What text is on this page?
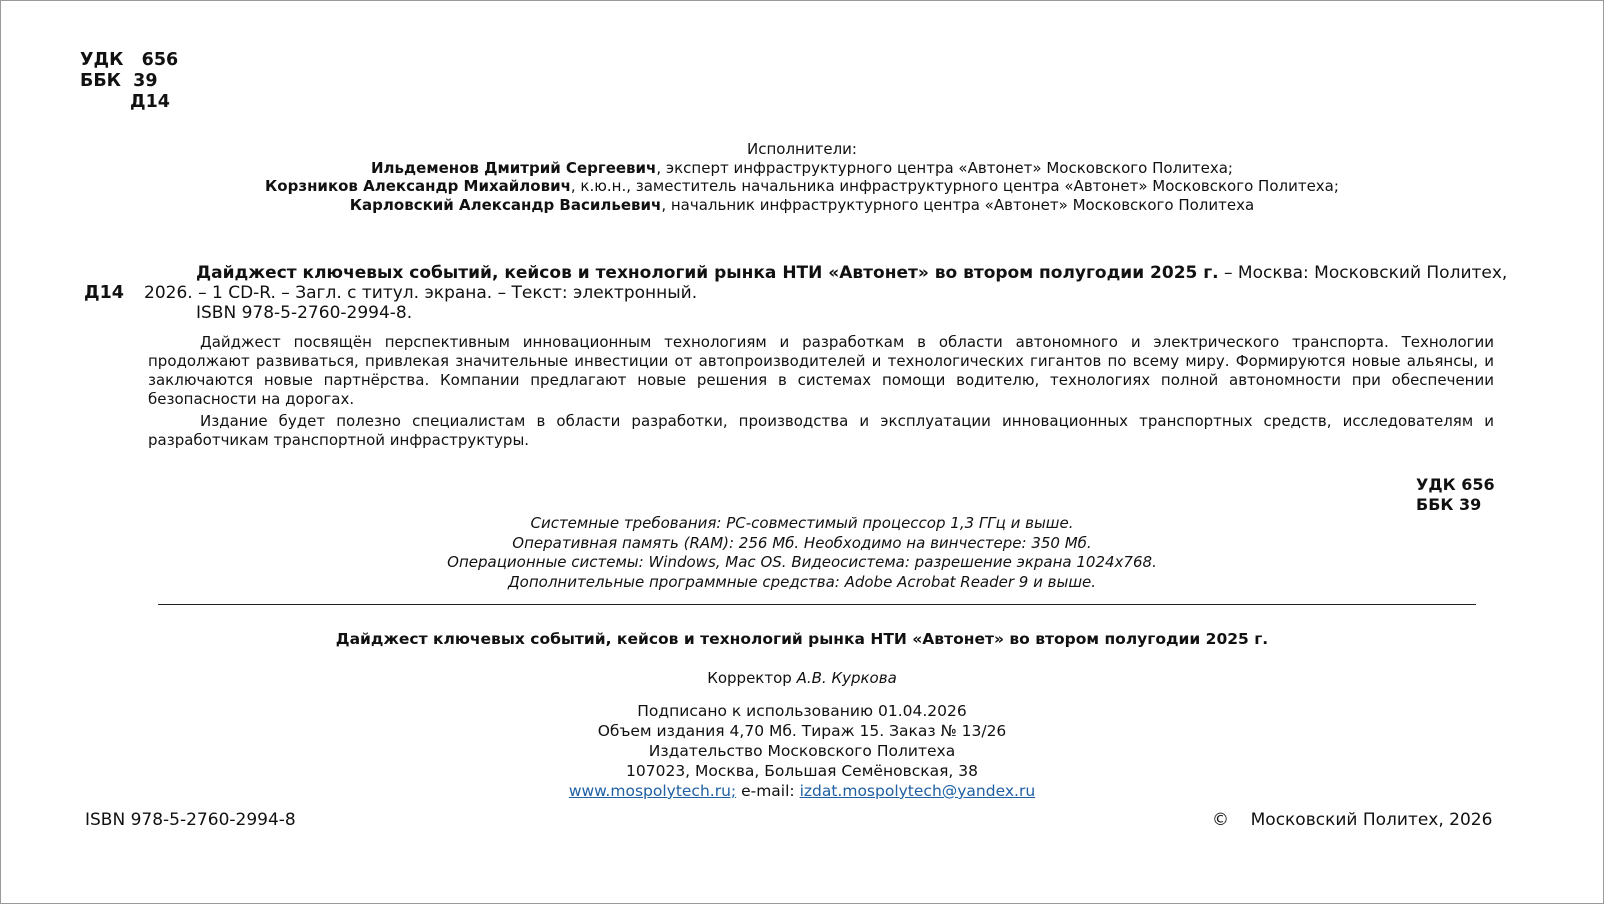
УДК 656
ББК 39
Д14
Исполнители:
Ильдеменов Дмитрий Сергеевич, эксперт инфраструктурного центра «Автонет» Московского Политеха;
Корзников Александр Михайлович, к.ю.н., заместитель начальника инфраструктурного центра «Автонет» Московского Политеха;
Карловский Александр Васильевич, начальник инфраструктурного центра «Автонет» Московского Политеха
Д14
Дайджест ключевых событий, кейсов и технологий рынка НТИ «Автонет» во втором полугодии 2025 г. – Москва: Московский Политех, 2026. – 1 CD-R. – Загл. с титул. экрана. – Текст: электронный.
ISBN 978-5-2760-2994-8.

Дайджест посвящён перспективным инновационным технологиям и разработкам в области автономного и электрического транспорта. Технологии продолжают развиваться, привлекая значительные инвестиции от автопроизводителей и технологических гигантов по всему миру. Формируются новые альянсы, и заключаются новые партнёрства. Компании предлагают новые решения в системах помощи водителю, технологиях полной автономности при обеспечении безопасности на дорогах.

Издание будет полезно специалистам в области разработки, производства и эксплуатации инновационных транспортных средств, исследователям и разработчикам транспортной инфраструктуры.

УДК 656
ББК 39
Системные требования: PC-совместимый процессор 1,3 ГГц и выше.
Оперативная память (RAM): 256 Мб. Необходимо на винчестере: 350 Мб.
Операционные системы: Windows, Mac OS. Видеосистема: разрешение экрана 1024х768.
Дополнительные программные средства: Adobe Acrobat Reader 9 и выше.
Дайджест ключевых событий, кейсов и технологий рынка НТИ «Автонет» во втором полугодии 2025 г.
Корректор А.В. Куркова
Подписано к использованию 01.04.2026
Объем издания 4,70 Мб. Тираж 15. Заказ № 13/26
Издательство Московского Политеха
107023, Москва, Большая Семёновская, 38
www.mospolytech.ru; e-mail: izdat.mospolytech@yandex.ru
ISBN 978-5-2760-2994-8	© Московский Политех, 2026
